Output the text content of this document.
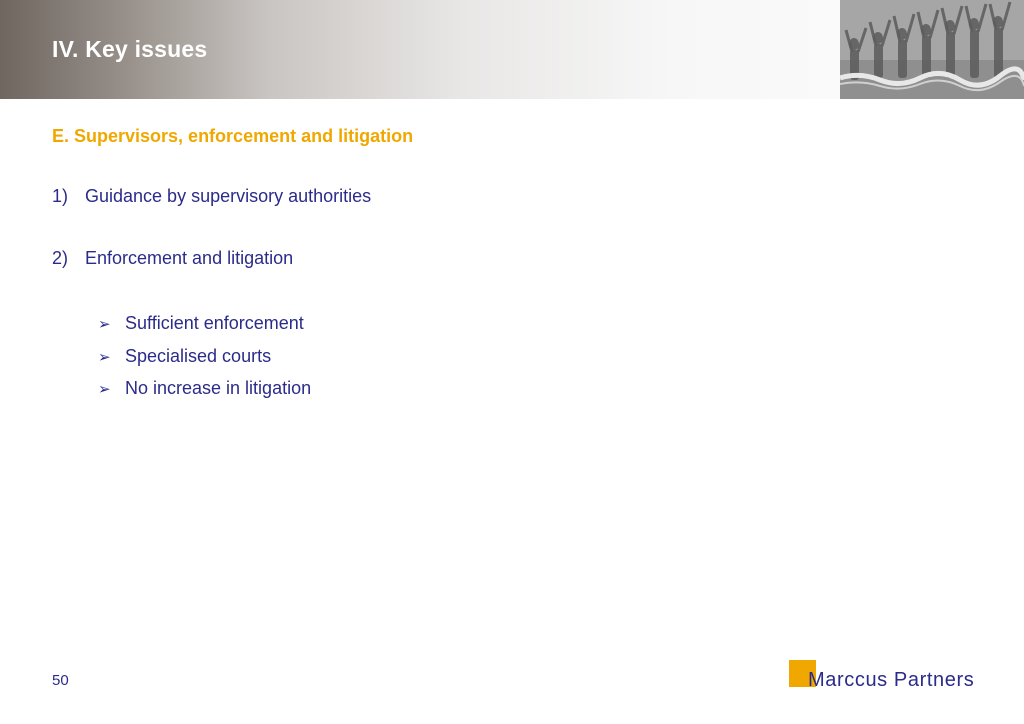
IV. Key issues
E. Supervisors, enforcement and litigation
1) Guidance by supervisory authorities
2) Enforcement and litigation
➢ Sufficient enforcement
➢ Specialised courts
➢ No increase in litigation
50	Marccus Partners
